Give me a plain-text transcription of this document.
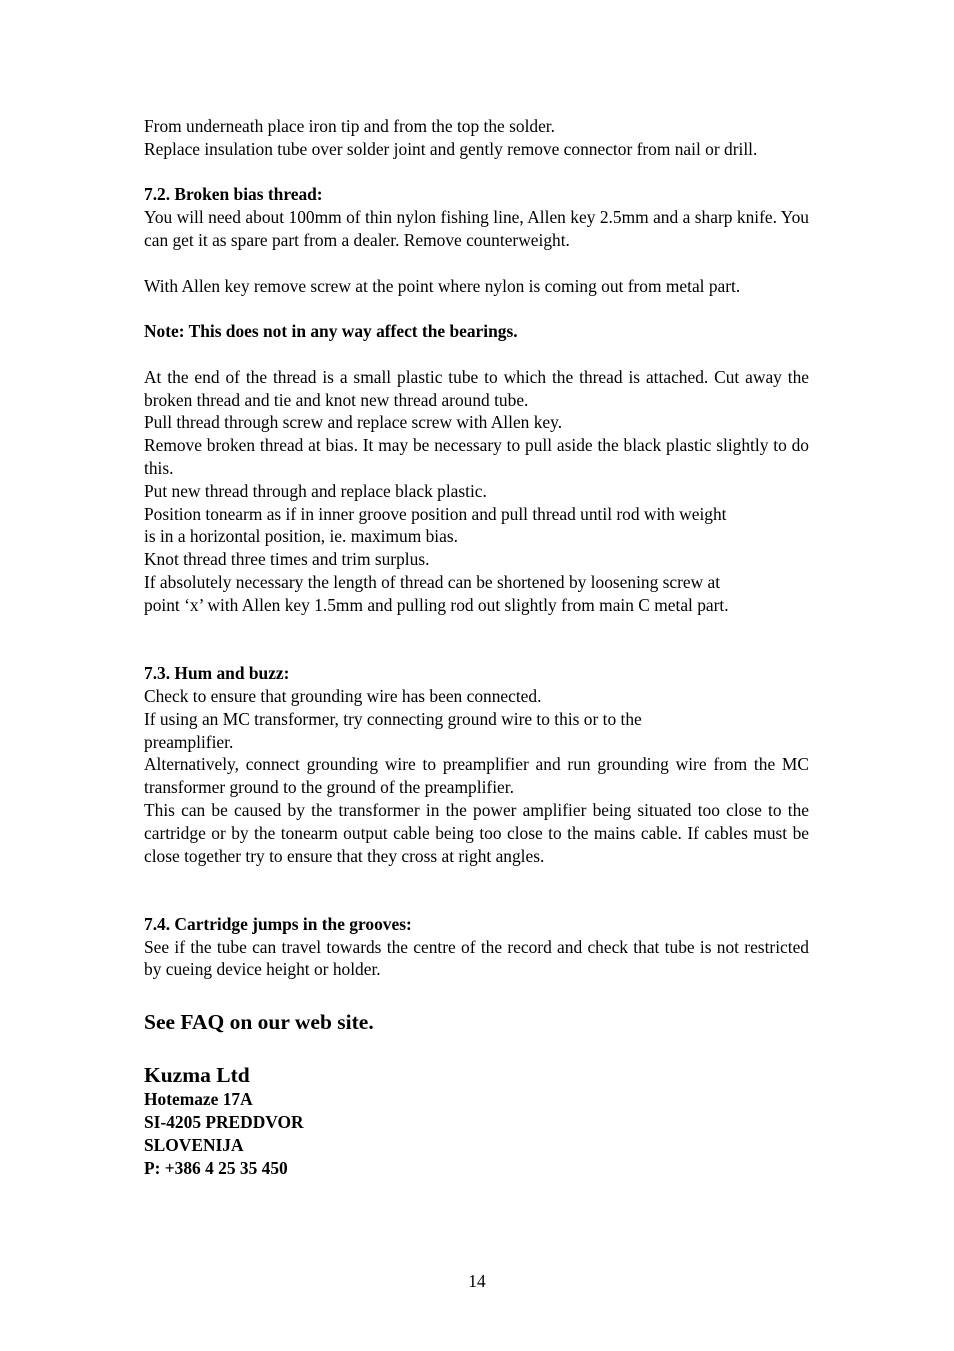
From underneath place iron tip and from the top the solder.

Replace insulation tube over solder joint and gently remove connector from nail or drill.

7.2. Broken bias thread:

You will need about 100mm of thin nylon fishing line, Allen key 2.5mm and a sharp knife. You can get it as spare part from a dealer. Remove counterweight.

With Allen key remove screw at the point where nylon is coming out from metal part.

Note: This does not in any way affect the bearings.

At the end of the thread is a small plastic tube to which the thread is attached. Cut away the broken thread and tie and knot new thread around tube.

Pull thread through screw and replace screw with Allen key.

Remove broken thread at bias. It may be necessary to pull aside the black plastic slightly to do this.

Put new thread through and replace black plastic.

Position tonearm as if in inner groove position and pull thread until rod with weight

is in a horizontal position, ie. maximum bias.

Knot thread three times and trim surplus.

If absolutely necessary the length of thread can be shortened by loosening screw at

point ‘x’ with Allen key 1.5mm and pulling rod out slightly from main C metal part.

7.3. Hum and buzz:

Check to ensure that grounding wire has been connected.

If using an MC transformer, try connecting ground wire to this or to the

preamplifier.

Alternatively, connect grounding wire to preamplifier and run grounding wire from the MC transformer ground to the ground of the preamplifier.

This can be caused by the transformer in the power amplifier being situated too close to the cartridge or by the tonearm output cable being too close to the mains cable. If cables must be close together try to ensure that they cross at right angles.

7.4. Cartridge jumps in the grooves:

See if the tube can travel towards the centre of the record and check that tube is not restricted by cueing device height or holder.

See FAQ on our web site.

Kuzma Ltd

Hotemaze 17A

SI-4205 PREDDVOR

SLOVENIJA

P: +386 4 25 35 450

14
